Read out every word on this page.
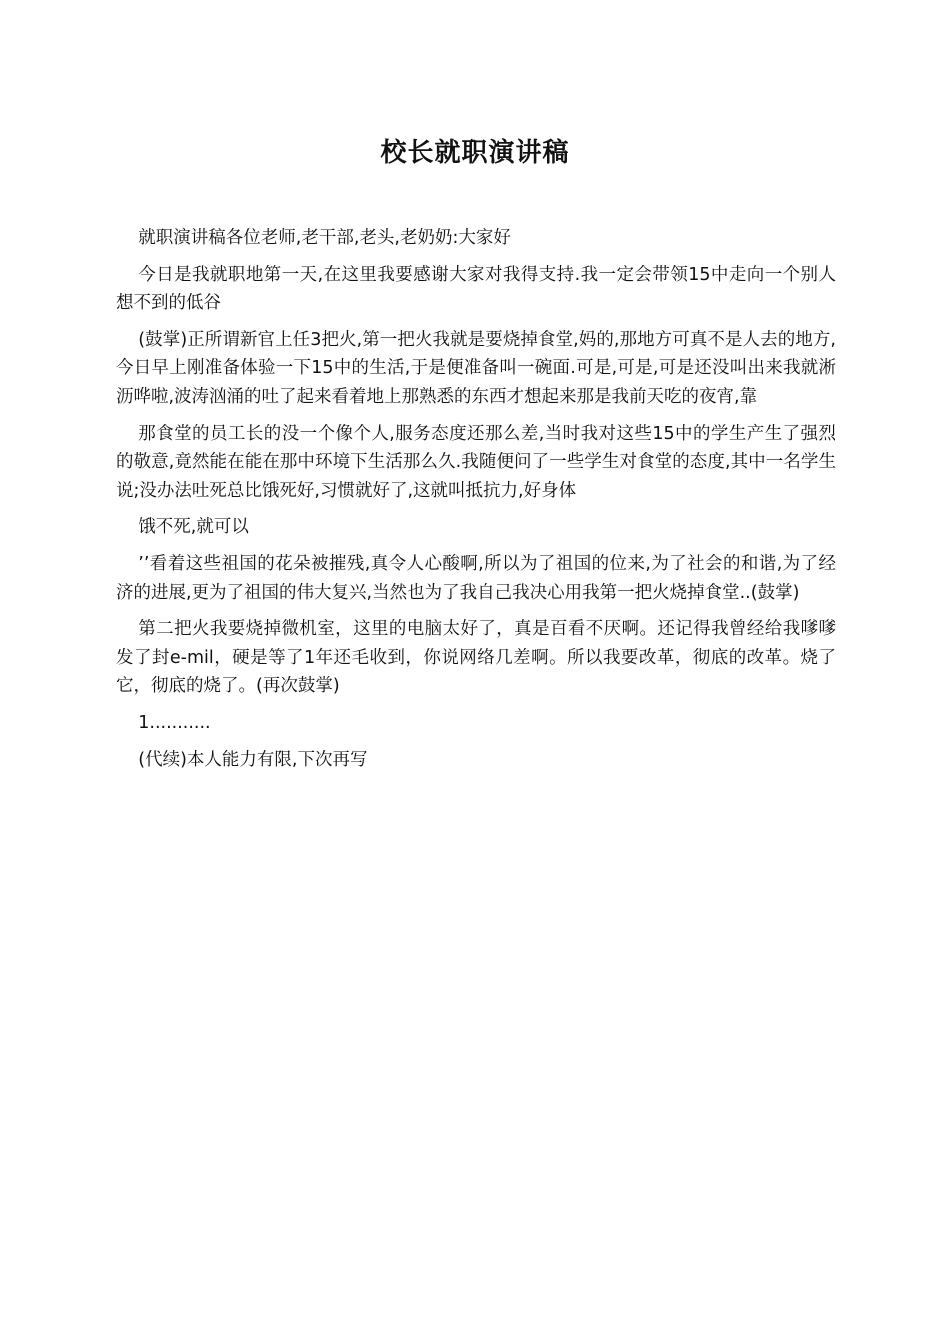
校长就职演讲稿

就职演讲稿各位老师,老干部,老头,老奶奶:大家好

今日是我就职地第一天,在这里我要感谢大家对我得支持.我一定会带领15中走向一个别人想不到的低谷

(鼓掌)正所谓新官上任3把火,第一把火我就是要烧掉食堂,妈的,那地方可真不是人去的地方,今日早上刚准备体验一下15中的生活,于是便准备叫一碗面.可是,可是,可是还没叫出来我就淅沥哗啦,波涛汹涌的吐了起来看着地上那熟悉的东西才想起来那是我前天吃的夜宵,靠

那食堂的员工长的没一个像个人,服务态度还那么差,当时我对这些15中的学生产生了强烈的敬意,竟然能在能在那中环境下生活那么久.我随便问了一些学生对食堂的态度,其中一名学生说;没办法吐死总比饿死好,习惯就好了,这就叫抵抗力,好身体

饿不死,就可以

’’看着这些祖国的花朵被摧残,真令人心酸啊,所以为了祖国的位来,为了社会的和谐,为了经济的进展,更为了祖国的伟大复兴,当然也为了我自己我决心用我第一把火烧掉食堂..(鼓掌)

第二把火我要烧掉微机室，这里的电脑太好了，真是百看不厌啊。还记得我曾经给我嗲嗲发了封e-mil，硬是等了1年还毛收到，你说网络几差啊。所以我要改革，彻底的改革。烧了它，彻底的烧了。(再次鼓掌)

1...........

(代续)本人能力有限,下次再写
